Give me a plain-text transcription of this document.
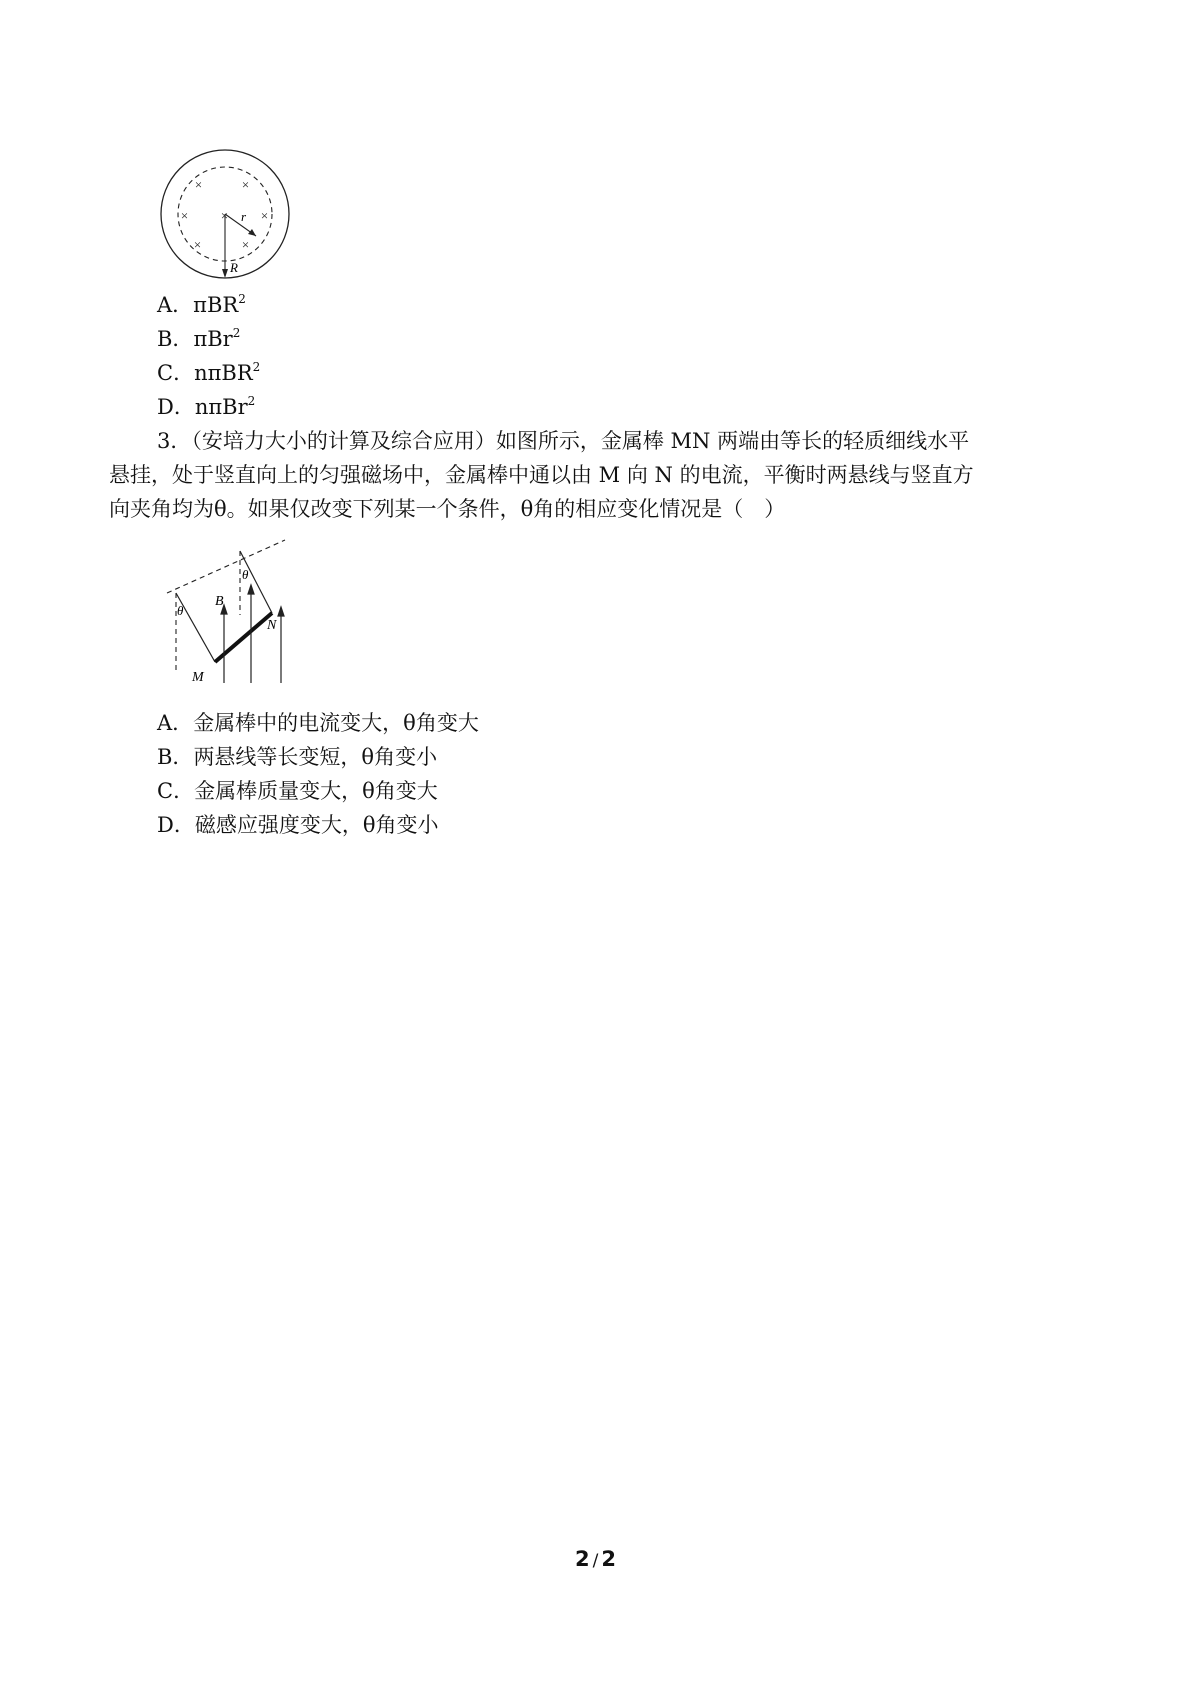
×	×
× × ×
×	×
r
R
A．πBR$^2$
B．πBr$^2$
C．nπBR$^2$
D．nπBr$^2$
3．（安培力大小的计算及综合应用）如图所示，金属棒 MN 两端由等长的轻质细线水平
悬挂，处于竖直向上的匀强磁场中，金属棒中通以由 M 向 N 的电流，平衡时两悬线与竖直方
向夹角均为θ。如果仅改变下列某一个条件，θ角的相应变化情况是（　）
θ
θ
B
M
N
A．金属棒中的电流变大，θ角变大
B．两悬线等长变短，θ角变小
C．金属棒质量变大，θ角变大
D．磁感应强度变大，θ角变小
2 / 2
